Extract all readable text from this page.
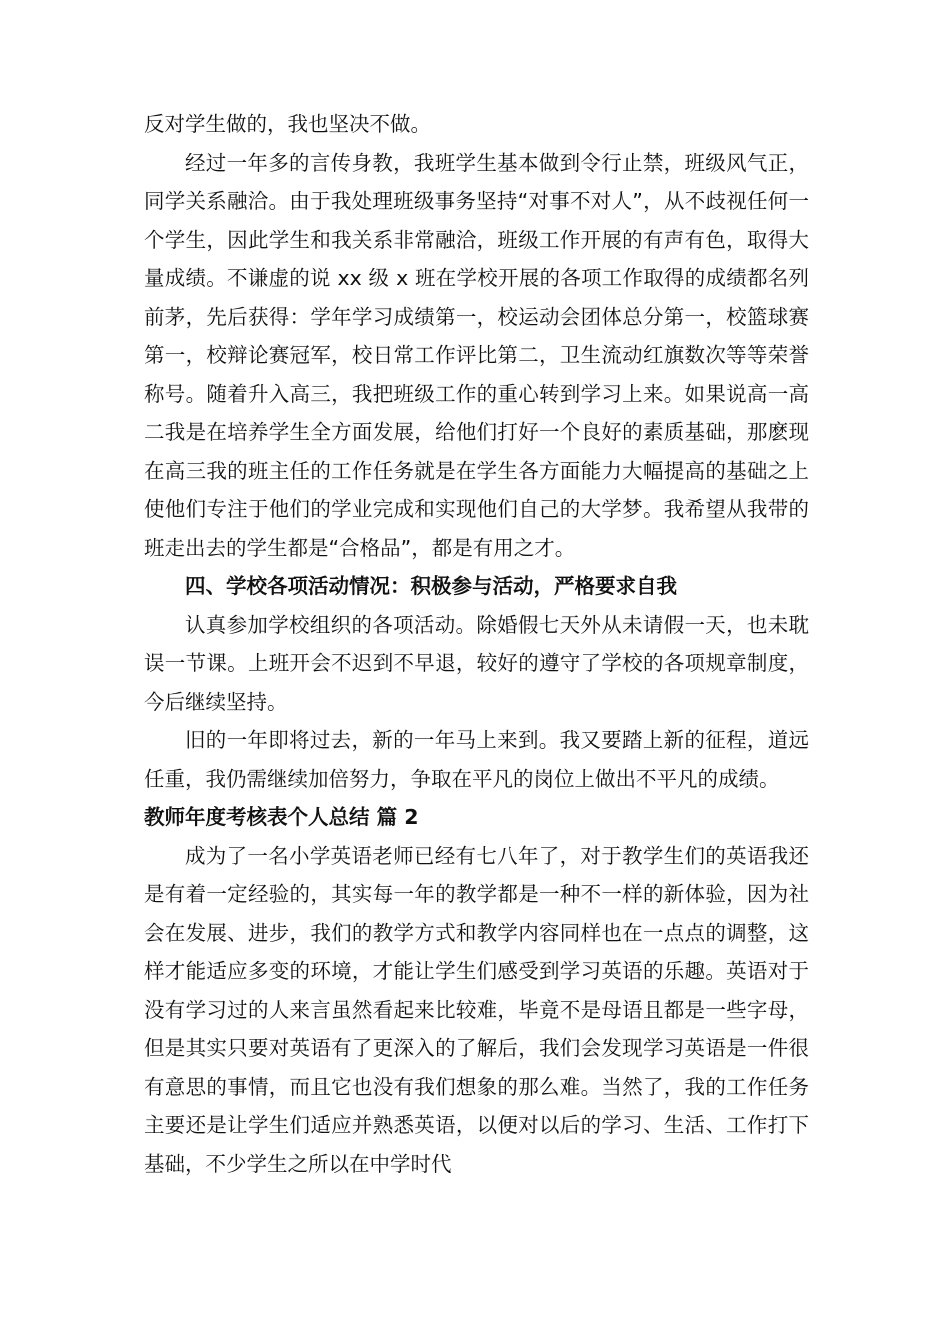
反对学生做的，我也坚决不做。

经过一年多的言传身教，我班学生基本做到令行止禁，班级风气正，同学关系融洽。由于我处理班级事务坚持“对事不对人”，从不歧视任何一个学生，因此学生和我关系非常融洽，班级工作开展的有声有色，取得大量成绩。不谦虚的说 xx 级 x 班在学校开展的各项工作取得的成绩都名列前茅，先后获得：学年学习成绩第一，校运动会团体总分第一，校篮球赛第一，校辩论赛冠军，校日常工作评比第二，卫生流动红旗数次等等荣誉称号。随着升入高三，我把班级工作的重心转到学习上来。如果说高一高二我是在培养学生全方面发展，给他们打好一个良好的素质基础，那麽现在高三我的班主任的工作任务就是在学生各方面能力大幅提高的基础之上使他们专注于他们的学业完成和实现他们自己的大学梦。我希望从我带的班走出去的学生都是“合格品”，都是有用之才。

四、学校各项活动情况：积极参与活动，严格要求自我

认真参加学校组织的各项活动。除婚假七天外从未请假一天，也未耽误一节课。上班开会不迟到不早退，较好的遵守了学校的各项规章制度，今后继续坚持。

旧的一年即将过去，新的一年马上来到。我又要踏上新的征程，道远任重，我仍需继续加倍努力，争取在平凡的岗位上做出不平凡的成绩。

教师年度考核表个人总结 篇 2

成为了一名小学英语老师已经有七八年了，对于教学生们的英语我还是有着一定经验的，其实每一年的教学都是一种不一样的新体验，因为社会在发展、进步，我们的教学方式和教学内容同样也在一点点的调整，这样才能适应多变的环境，才能让学生们感受到学习英语的乐趣。英语对于没有学习过的人来言虽然看起来比较难，毕竟不是母语且都是一些字母，但是其实只要对英语有了更深入的了解后，我们会发现学习英语是一件很有意思的事情，而且它也没有我们想象的那么难。当然了，我的工作任务主要还是让学生们适应并熟悉英语，以便对以后的学习、生活、工作打下基础，不少学生之所以在中学时代
